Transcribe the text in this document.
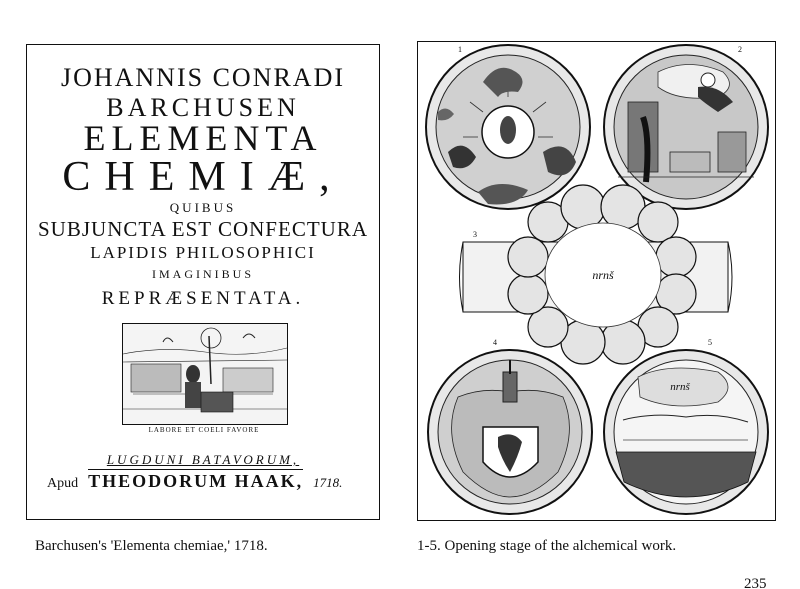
JOHANNIS CONRADI
BARCHUSEN
ELEMENTA
CHEMIÆ,
QUIBUS
SUBJUNCTA EST CONFECTURA
LAPIDIS PHILOSOPHICI
IMAGINIBUS
REPRÆSENTATA.
LABORE ET COELI FAVORE
LUGDUNI BATAVORUM,
Apud THEODORUM HAAK, 1718.
1	2
nrnš
3
4
nrnš
5
Barchusen's 'Elementa chemiae,' 1718.	1-5. Opening stage of the alchemical work.
235
